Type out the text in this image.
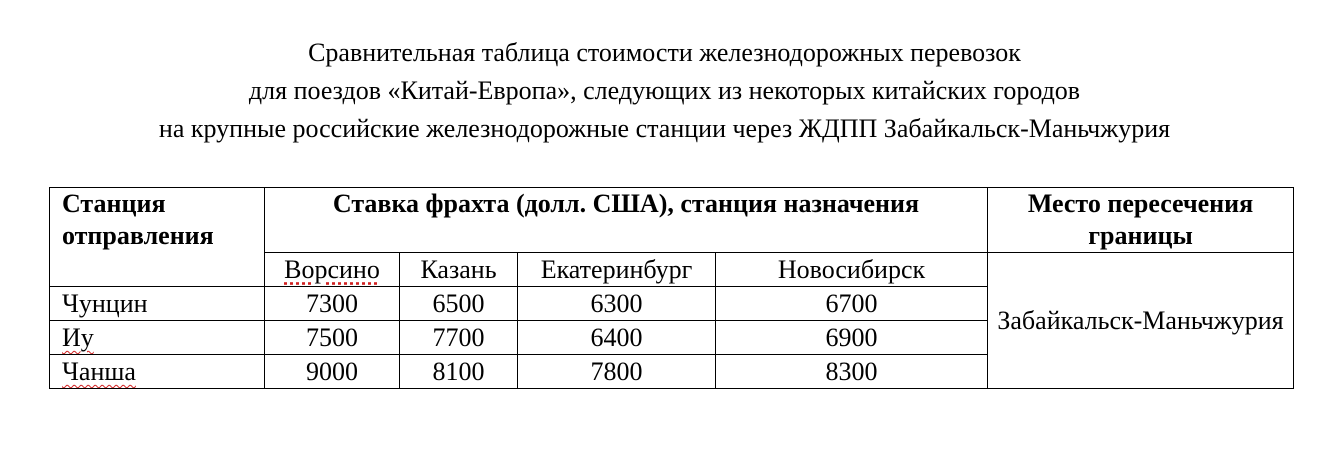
Сравнительная таблица стоимости железнодорожных перевозок
для поездов «Китай-Европа», следующих из некоторых китайских городов
на крупные российские железнодорожные станции через ЖДПП Забайкальск-Маньчжурия
Станция отправления	Ставка фрахта (долл. США), станция назначения				Место пересечения границы
	Ворсино	Казань	Екатеринбург	Новосибирск	Забайкальск-Маньчжурия
Чунцин	7300	6500	6300	6700	
Иу	7500	7700	6400	6900	
Чанша	9000	8100	7800	8300	
